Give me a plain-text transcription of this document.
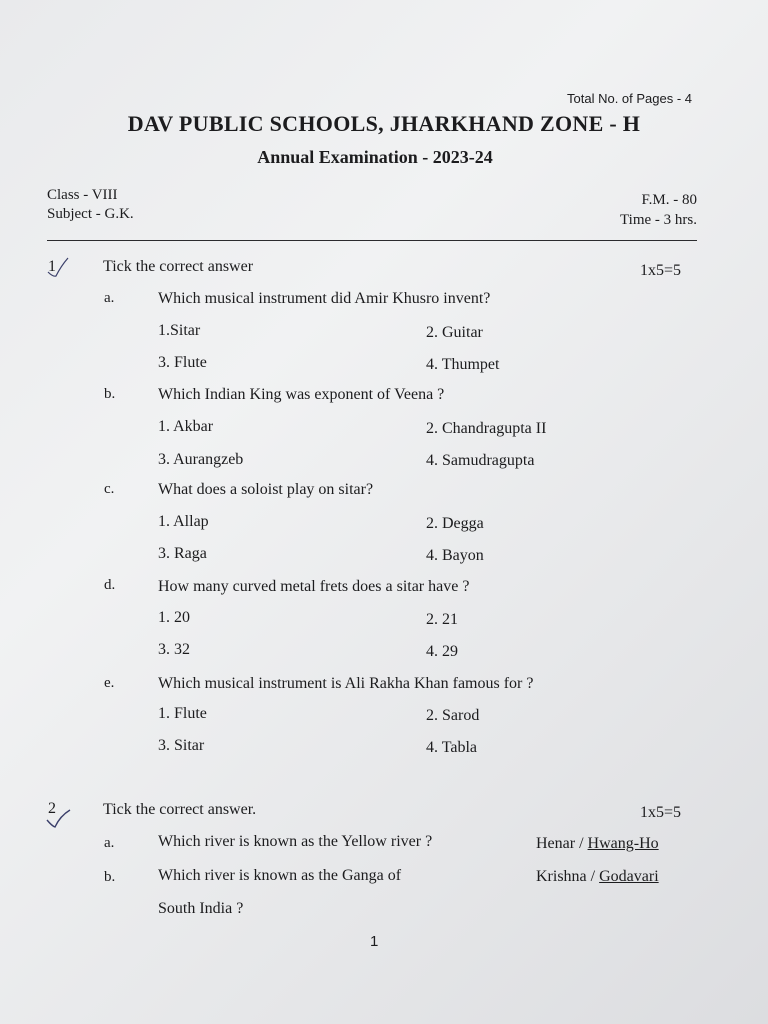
Total No. of Pages - 4
DAV PUBLIC SCHOOLS, JHARKHAND ZONE - H
Annual Examination - 2023-24
Class - VIII
Subject - G.K.
F.M. - 80
Time - 3 hrs.
1	Tick the correct answer	1x5=5
a.	Which musical instrument did Amir Khusro invent?
1.Sitar	2. Guitar
3. Flute	4. Thumpet
b.	Which Indian King was exponent of Veena ?
1. Akbar	2. Chandragupta II
3. Aurangzeb	4. Samudragupta
c.	What does a soloist play on sitar?
1. Allap	2. Degga
3. Raga	4. Bayon
d.	How many curved metal frets does a sitar have ?
1. 20	2. 21
3. 32	4. 29
e.	Which musical instrument is Ali Rakha Khan famous for ?
1. Flute	2. Sarod
3. Sitar	4. Tabla
2	Tick the correct answer.	1x5=5
a.	Which river is known as the Yellow river ?	Henar / Hwang-Ho
b.	Which river is known as the Ganga of	Krishna / Godavari
South India ?
1
